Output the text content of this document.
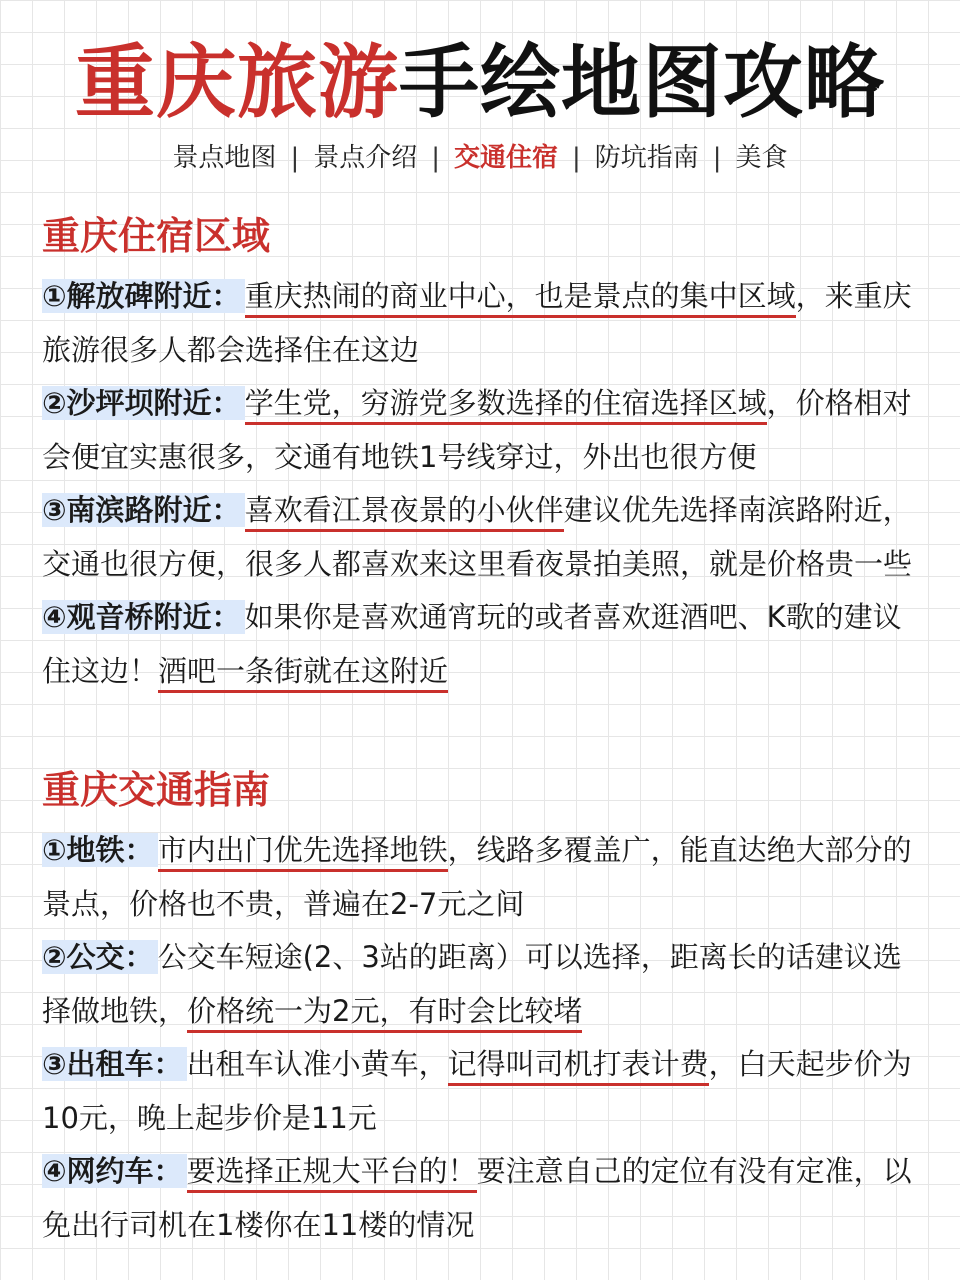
重庆旅游手绘地图攻略
景点地图 | 景点介绍 | 交通住宿 | 防坑指南 | 美食
重庆住宿区域

①解放碑附近： 重庆热闹的商业中心，也是景点的集中区域，来重庆旅游很多人都会选择住在这边

②沙坪坝附近： 学生党，穷游党多数选择的住宿选择区域，价格相对会便宜实惠很多，交通有地铁1号线穿过，外出也很方便

③南滨路附近： 喜欢看江景夜景的小伙伴建议优先选择南滨路附近，交通也很方便，很多人都喜欢来这里看夜景拍美照，就是价格贵一些

④观音桥附近： 如果你是喜欢通宵玩的或者喜欢逛酒吧、K歌的建议住这边！酒吧一条街就在这附近

重庆交通指南

①地铁： 市内出门优先选择地铁，线路多覆盖广，能直达绝大部分的景点，价格也不贵，普遍在2-7元之间

②公交： 公交车短途(2、3站的距离）可以选择，距离长的话建议选择做地铁，价格统一为2元，有时会比较堵

③出租车： 出租车认准小黄车，记得叫司机打表计费，白天起步价为10元，晚上起步价是11元

④网约车： 要选择正规大平台的！要注意自己的定位有没有定准，以免出行司机在1楼你在11楼的情况
